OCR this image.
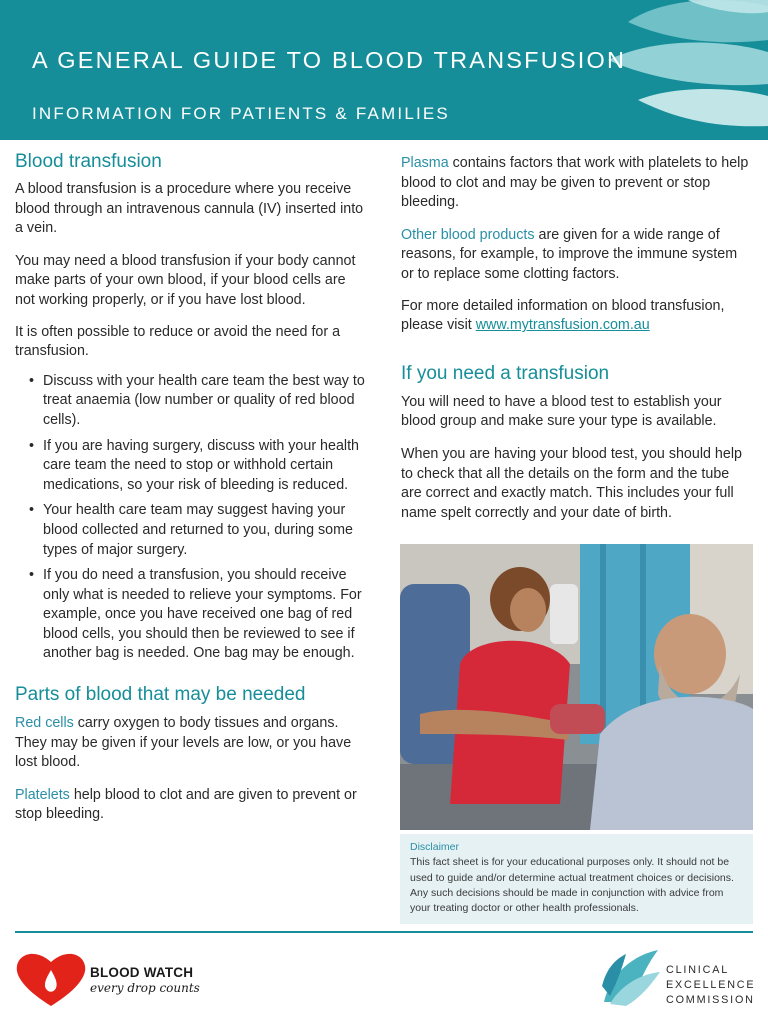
A GENERAL GUIDE TO BLOOD TRANSFUSION
INFORMATION FOR PATIENTS & FAMILIES
Blood transfusion

A blood transfusion is a procedure where you receive blood through an intravenous cannula (IV) inserted into a vein.

You may need a blood transfusion if your body cannot make parts of your own blood, if your blood cells are not working properly, or if you have lost blood.

It is often possible to reduce or avoid the need for a transfusion.

• Discuss with your health care team the best way to treat anaemia (low number or quality of red blood cells).
• If you are having surgery, discuss with your health care team the need to stop or withhold certain medications, so your risk of bleeding is reduced.
• Your health care team may suggest having your blood collected and returned to you, during some types of major surgery.
• If you do need a transfusion, you should receive only what is needed to relieve your symptoms. For example, once you have received one bag of red blood cells, you should then be reviewed to see if another bag is needed. One bag may be enough.
Parts of blood that may be needed

Red cells carry oxygen to body tissues and organs. They may be given if your levels are low, or you have lost blood.

Platelets help blood to clot and are given to prevent or stop bleeding.

Plasma contains factors that work with platelets to help blood to clot and may be given to prevent or stop bleeding.

Other blood products are given for a wide range of reasons, for example, to improve the immune system or to replace some clotting factors.

For more detailed information on blood transfusion, please visit www.mytransfusion.com.au

If you need a transfusion

You will need to have a blood test to establish your blood group and make sure your type is available.

When you are having your blood test, you should help to check that all the details on the form and the tube are correct and exactly match. This includes your full name spelt correctly and your date of birth.

Disclaimer
This fact sheet is for your educational purposes only. It should not be used to guide and/or determine actual treatment choices or decisions. Any such decisions should be made in conjunction with advice from your treating doctor or other health professionals.
BLOOD WATCH
every drop counts
CLINICAL
EXCELLENCE
COMMISSION
